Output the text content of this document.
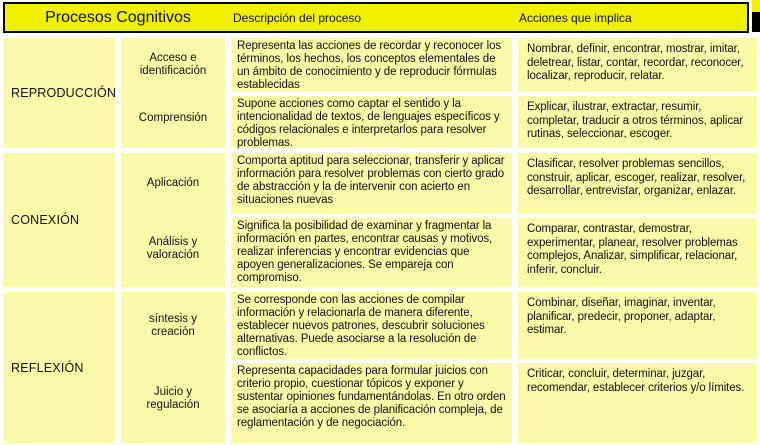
Procesos Cognitivos	Descripción del proceso	Acciones que implica
REPRODUCCIÓN
Acceso e identificación
Comprensión
Representa las acciones de recordar y reconocer los términos, los hechos, los conceptos elementales de un ámbito de conocimiento y de reproducir fórmulas establecidas
Supone acciones como captar el sentido y la intencionalidad de textos, de lenguajes específicos y códigos relacionales e interpretarlos para resolver problemas.
Nombrar, definir, encontrar, mostrar, imitar, deletrear, listar, contar, recordar, reconocer, localizar, reproducir, relatar.
Explicar, ilustrar, extractar, resumir, completar, traducir a otros términos, aplicar rutinas, seleccionar, escoger.
CONEXIÓN
Aplicación
Análisis y valoración
Comporta aptitud para seleccionar, transferir y aplicar información para resolver problemas con cierto grado de abstracción y la de intervenir con acierto en situaciones nuevas
Significa la posibilidad de examinar y fragmentar la información en partes, encontrar causas y motivos, realizar inferencias y encontrar evidencias que apoyen generalizaciones. Se empareja con compromiso.
Clasificar, resolver problemas sencillos, construir, aplicar, escoger, realizar, resolver, desarrollar, entrevistar, organizar, enlazar.
Comparar, contrastar, demostrar, experimentar, planear, resolver problemas complejos, Analizar, simplificar, relacionar, inferir, concluir.
REFLEXIÓN
síntesis y creación
Juicio y regulación
Se corresponde con las acciones de compilar información y relacionarla de manera diferente, establecer nuevos patrones, descubrir soluciones alternativas. Puede asociarse a la resolución de conflictos.
Representa capacidades para formular juicios con criterio propio, cuestionar tópicos y exponer y sustentar opiniones fundamentándolas. En otro orden se asociaría a acciones de planificación compleja, de reglamentación y de negociación.
Combinar, diseñar, imaginar, inventar, planificar, predecir, proponer, adaptar, estimar.
Criticar, concluir, determinar, juzgar, recomendar, establecer criterios y/o límites.
